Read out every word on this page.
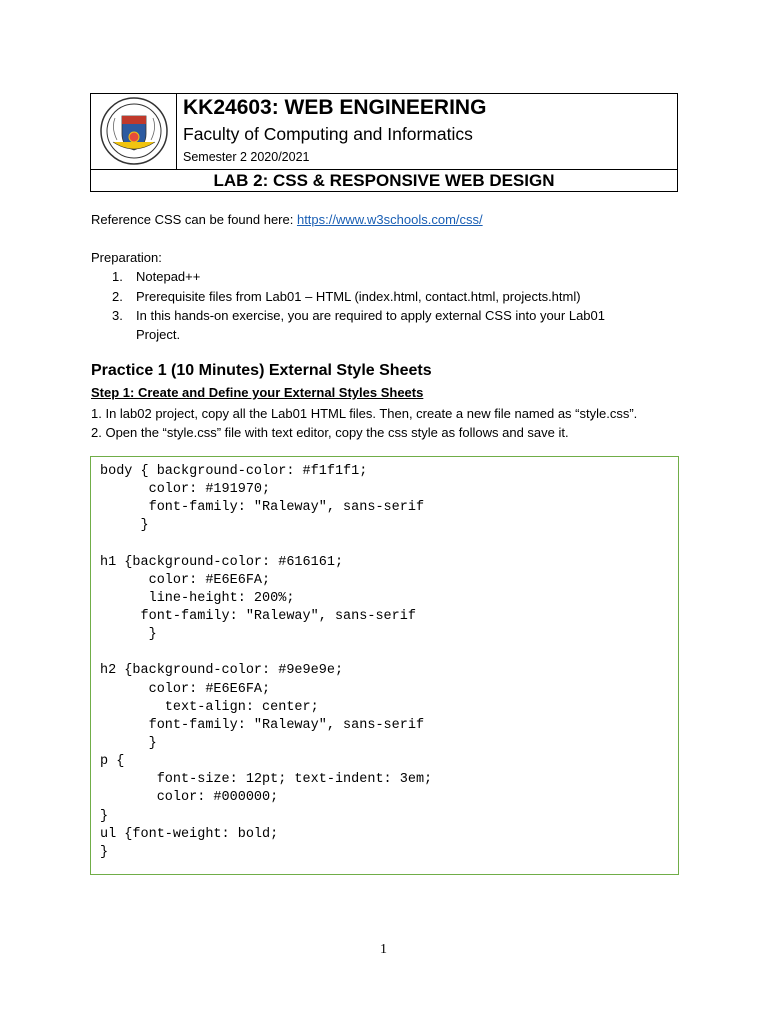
KK24603: WEB ENGINEERING
Faculty of Computing and Informatics
Semester 2 2020/2021
LAB 2: CSS & RESPONSIVE WEB DESIGN
Reference CSS can be found here: https://www.w3schools.com/css/
Preparation:
1. Notepad++
2. Prerequisite files from Lab01 – HTML (index.html, contact.html, projects.html)
3. In this hands-on exercise, you are required to apply external CSS into your Lab01
Project.
Practice 1 (10 Minutes) External Style Sheets
Step 1: Create and Define your External Styles Sheets
1. In lab02 project, copy all the Lab01 HTML files. Then, create a new file named as “style.css”.
2. Open the “style.css” file with text editor, copy the css style as follows and save it.
body { background-color: #f1f1f1;
color: #191970;
font-family: "Raleway", sans-serif
}
h1 {background-color: #616161;
color: #E6E6FA;
line-height: 200%;
font-family: "Raleway", sans-serif
}
h2 {background-color: #9e9e9e;
color: #E6E6FA;
text-align: center;
font-family: "Raleway", sans-serif
}
p {
font-size: 12pt; text-indent: 3em;
color: #000000;
}
ul {font-weight: bold;
}
1
